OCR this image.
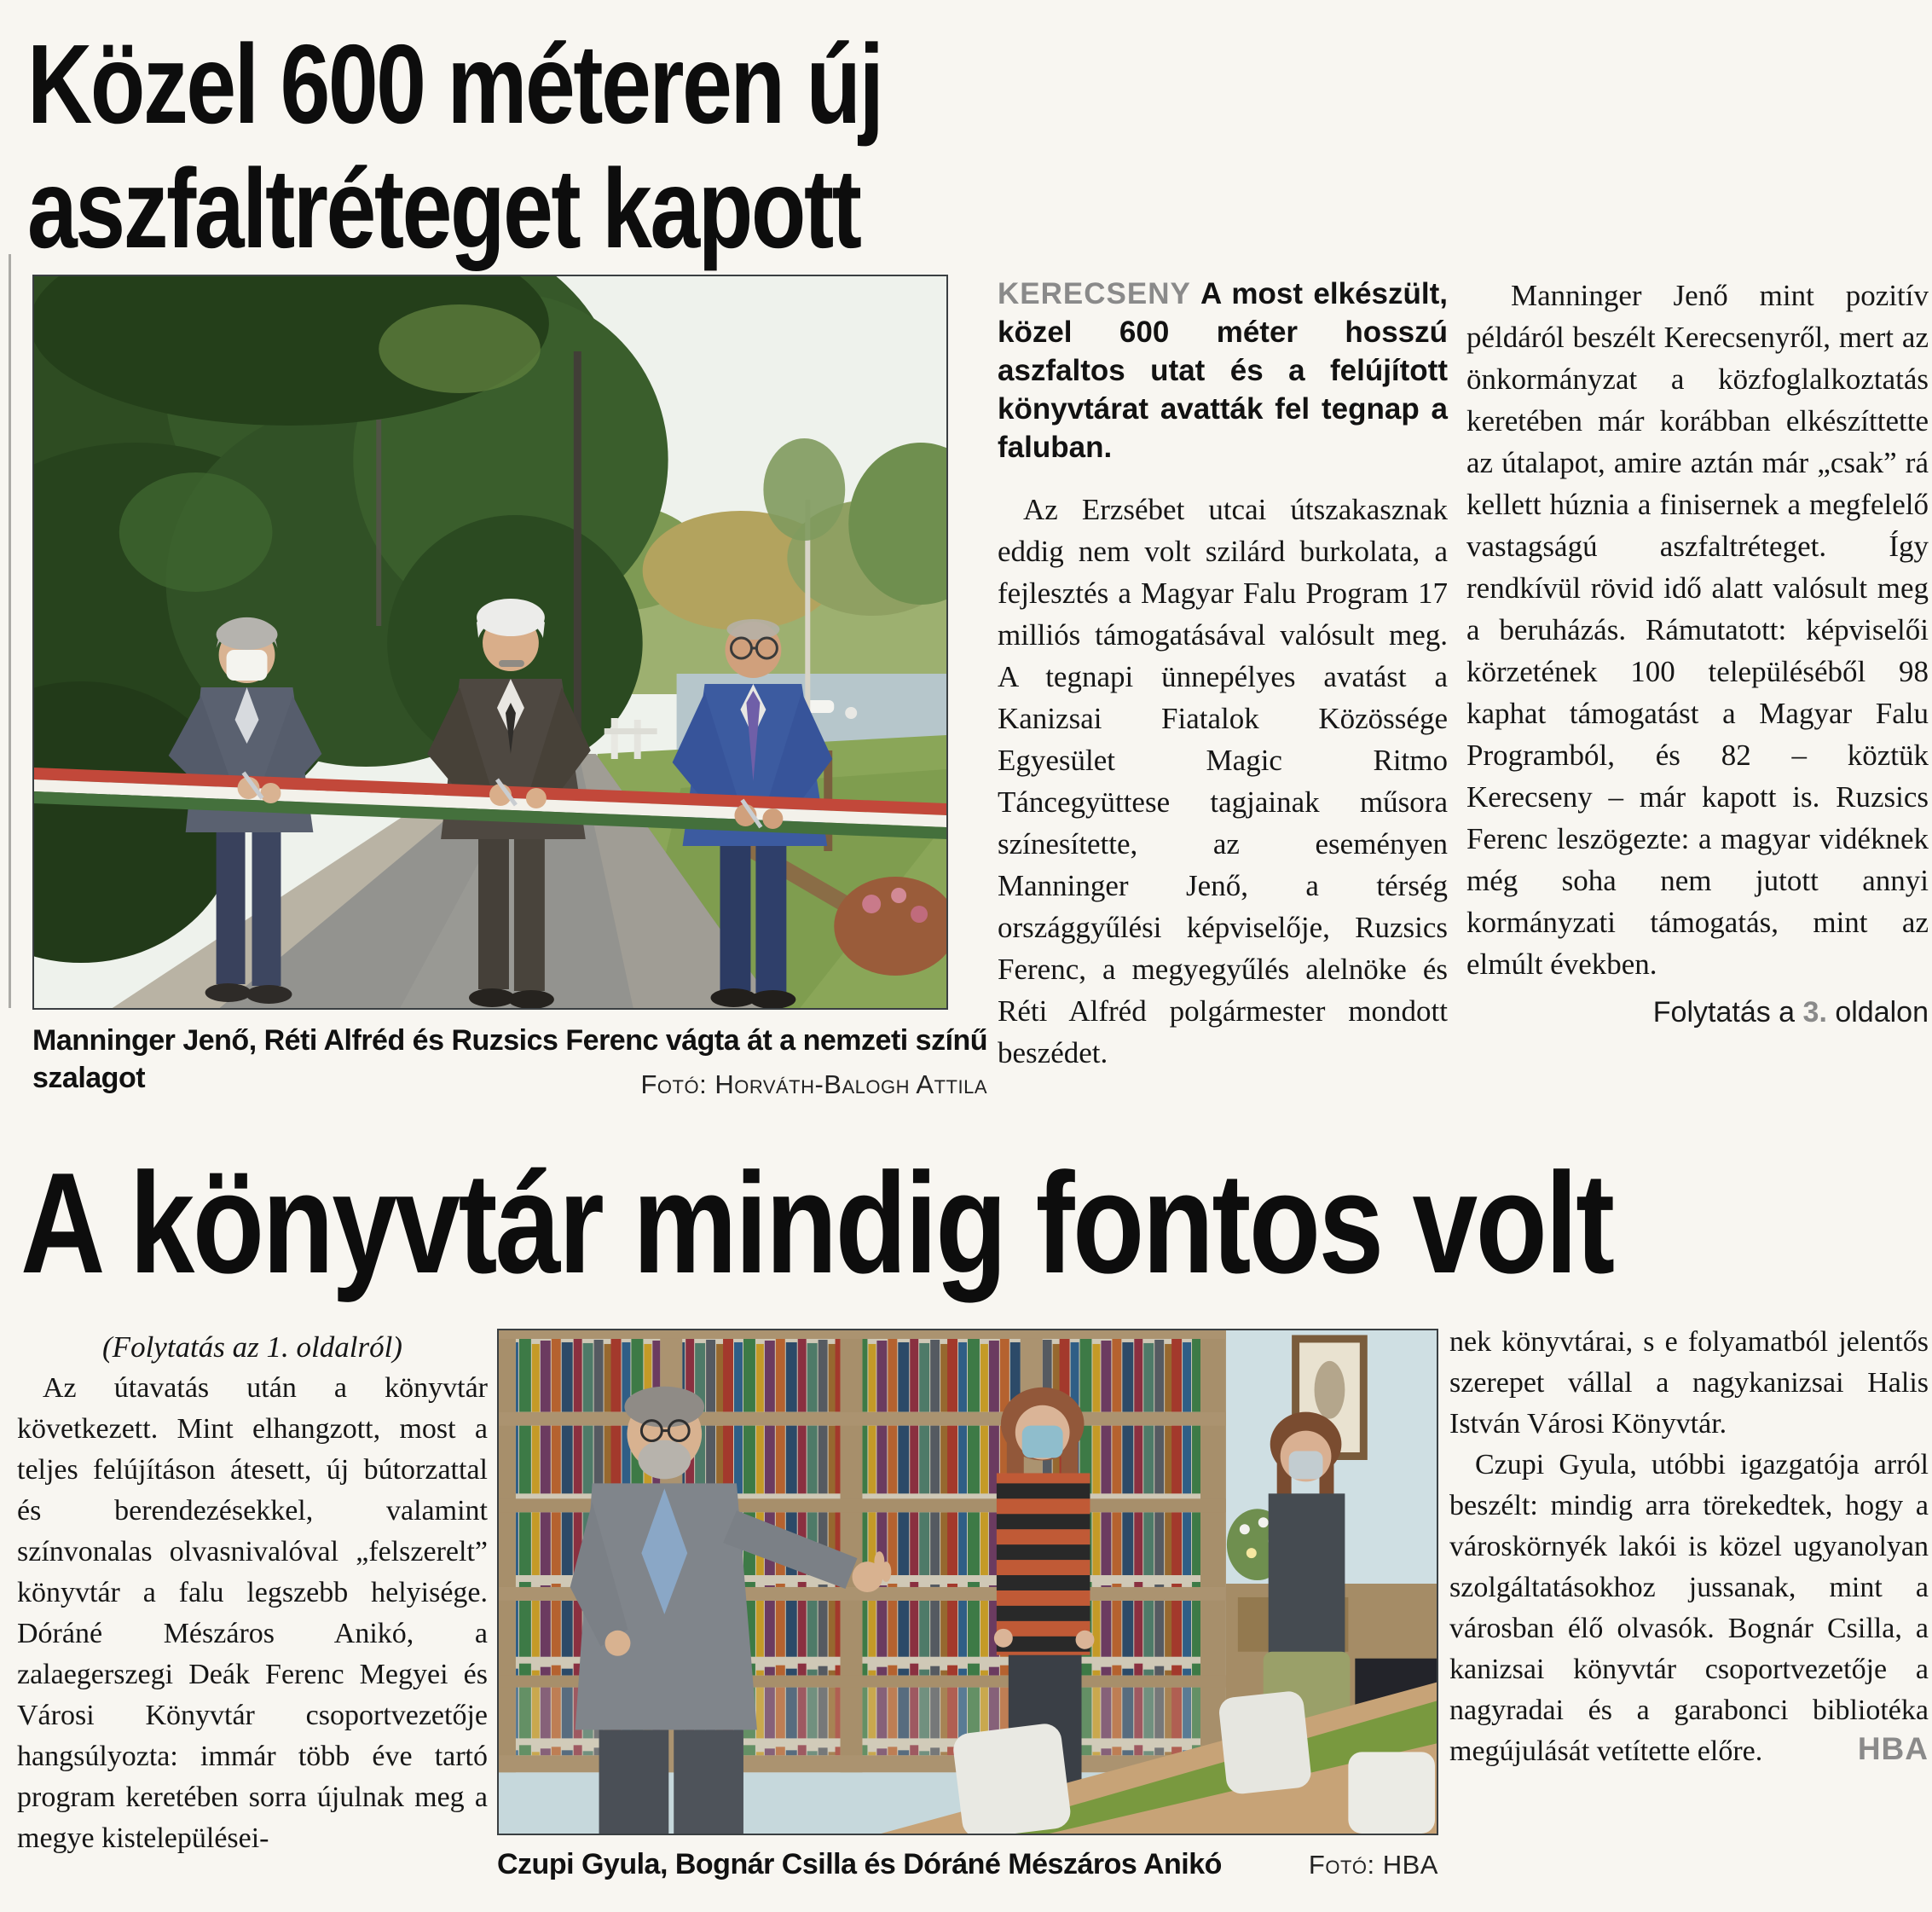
Közel 600 méteren új
aszfaltréteget kapott
Manninger Jenő, Réti Alfréd és Ruzsics Ferenc vágta át a nemzeti színű szalagot	Fotó: Horváth-Balogh Attila

KERECSENY A most elkészült, közel 600 méter hosszú aszfaltos utat és a felújított könyvtárat avatták fel tegnap a faluban.

Az Erzsébet utcai útszakasznak eddig nem volt szilárd burkolata, a fejlesztés a Magyar Falu Program 17 milliós támogatásával valósult meg. A tegnapi ünnepélyes avatást a Kanizsai Fiatalok Közössége Egyesület Magic Ritmo Táncegyüttese tagjainak műsora színesítette, az eseményen Manninger Jenő, a térség országgyűlési képviselője, Ruzsics Ferenc, a megyegyűlés alelnöke és Réti Alfréd polgármester mondott beszédet.

Manninger Jenő mint pozitív példáról beszélt Kerecsenyről, mert az önkormányzat a közfoglalkoztatás keretében már korábban elkészíttette az útalapot, amire aztán már „csak” rá kellett húznia a finisernek a megfelelő vastagságú aszfaltréteget. Így rendkívül rövid idő alatt valósult meg a beruházás. Rámutatott: képviselői körzetének 100 településéből 98 kaphat támogatást a Magyar Falu Programból, és 82 – köztük Kerecseny – már kapott is. Ruzsics Ferenc leszögezte: a magyar vidéknek még soha nem jutott annyi kormányzati támogatás, mint az elmúlt években.

Folytatás a 3. oldalon
A könyvtár mindig fontos volt

(Folytatás az 1. oldalról)

Az útavatás után a könyvtár következett. Mint elhangzott, most a teljes felújításon átesett, új bútorzattal és berendezésekkel, valamint színvonalas olvasnivalóval „felszerelt” könyvtár a falu legszebb helyisége. Dóráné Mészáros Anikó, a zalaegerszegi Deák Ferenc Megyei és Városi Könyvtár csoportvezetője hangsúlyozta: immár több éve tartó program keretében sorra újulnak meg a megye kistelepülései-

Czupi Gyula, Bognár Csilla és Dóráné Mészáros Anikó	Fotó: HBA

nek könyvtárai, s e folyamatból jelentős szerepet vállal a nagykanizsai Halis István Városi Könyvtár.

Czupi Gyula, utóbbi igazgatója arról beszélt: mindig arra törekedtek, hogy a városkörnyék lakói is közel ugyanolyan szolgáltatásokhoz jussanak, mint a városban élő olvasók. Bognár Csilla, a kanizsai könyvtár csoportvezetője a nagyradai és a garabonci bibliotéka megújulását vetítette előre.	HBA
